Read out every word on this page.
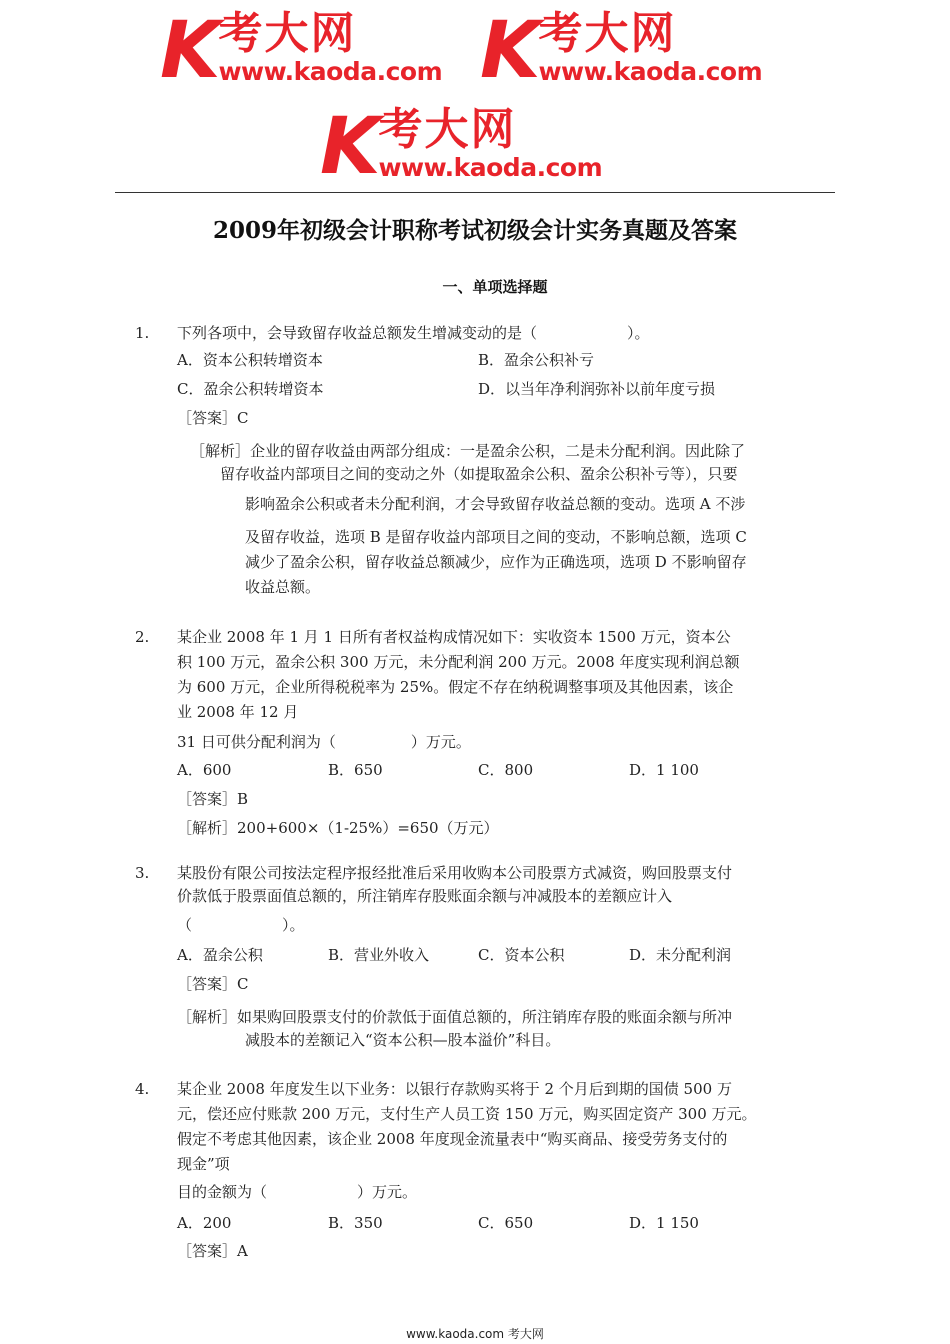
K 考大网
www.kaoda.com K 考大网
www.kaoda.com
K 考大网
www.kaoda.com
2009年初级会计职称考试初级会计实务真题及答案
一、单项选择题
1. 下列各项中，会导致留存收益总额发生增减变动的是（　　　　　　）。
A．资本公积转增资本	B．盈余公积补亏
C．盈余公积转增资本	D．以当年净利润弥补以前年度亏损
［答案］C
［解析］企业的留存收益由两部分组成：一是盈余公积，二是未分配利润。因此除了
留存收益内部项目之间的变动之外（如提取盈余公积、盈余公积补亏等），只要
影响盈余公积或者未分配利润，才会导致留存收益总额的变动。选项 A 不涉
及留存收益，选项 B 是留存收益内部项目之间的变动，不影响总额，选项 C
减少了盈余公积，留存收益总额减少，应作为正确选项，选项 D 不影响留存
收益总额。
2. 某企业 2008 年 1 月 1 日所有者权益构成情况如下：实收资本 1500 万元，资本公
积 100 万元，盈余公积 300 万元，未分配利润 200 万元。2008 年度实现利润总额
为 600 万元，企业所得税税率为 25%。假定不存在纳税调整事项及其他因素，该企
业 2008 年 12 月
31 日可供分配利润为（　　　　　）万元。
A．600	B．650	C．800	D．1 100
［答案］B
［解析］200+600×（1-25%）=650（万元）
3. 某股份有限公司按法定程序报经批准后采用收购本公司股票方式减资，购回股票支付
价款低于股票面值总额的，所注销库存股账面余额与冲减股本的差额应计入
（　　　　　　）。
A．盈余公积	B．营业外收入	C．资本公积	D．未分配利润
［答案］C
［解析］如果购回股票支付的价款低于面值总额的，所注销库存股的账面余额与所冲
减股本的差额记入“资本公积—股本溢价”科目。
4. 某企业 2008 年度发生以下业务：以银行存款购买将于 2 个月后到期的国债 500 万
元，偿还应付账款 200 万元，支付生产人员工资 150 万元，购买固定资产 300 万元。
假定不考虑其他因素，该企业 2008 年度现金流量表中“购买商品、接受劳务支付的
现金”项
目的金额为（　　　　　　）万元。
A．200	B．350	C．650	D．1 150
［答案］A
www.kaoda.com 考大网
